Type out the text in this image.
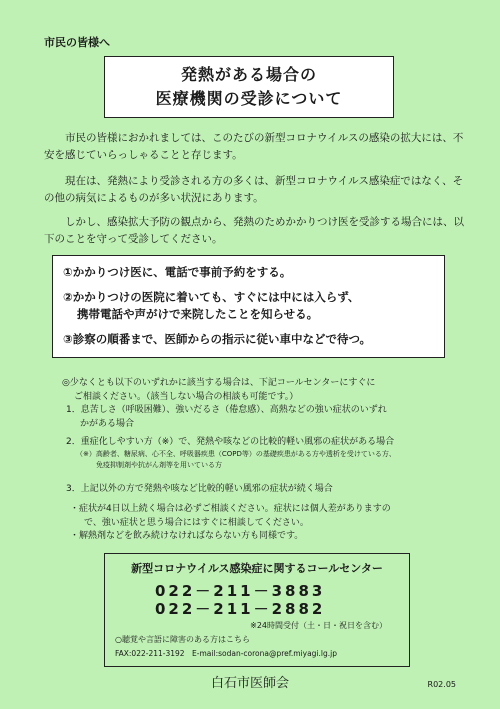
市民の皆様へ
発熱がある場合の
医療機関の受診について
市民の皆様におかれましては、このたびの新型コロナウイルスの感染の拡大には、不安を感じていらっしゃることと存じます。
現在は、発熱により受診される方の多くは、新型コロナウイルス感染症ではなく、その他の病気によるものが多い状況にあります。
しかし、感染拡大予防の観点から、発熱のためかかりつけ医を受診する場合には、以下のことを守って受診してください。
①かかりつけ医に、電話で事前予約をする。
②かかりつけの医院に着いても、すぐには中には入らず、
携帯電話や声がけで来院したことを知らせる。
③診察の順番まで、医師からの指示に従い車中などで待つ。
◎少なくとも以下のいずれかに該当する場合は、下記コールセンターにすぐに
ご相談ください。（該当しない場合の相談も可能です。）
1．息苦しさ（呼吸困難）、強いだるさ（倦怠感）、高熱などの強い症状のいずれ
かがある場合
2．重症化しやすい方（※）で、発熱や咳などの比較的軽い風邪の症状がある場合
（※）高齢者、糖尿病、心不全、呼吸器疾患（COPD等）の基礎疾患がある方や透析を受けている方、
免疫抑制剤や抗がん剤等を用いている方
3．上記以外の方で発熱や咳など比較的軽い風邪の症状が続く場合
・症状が4日以上続く場合は必ずご相談ください。症状には個人差がありますの
で、強い症状と思う場合にはすぐに相談してください。
・解熱剤などを飲み続けなければならない方も同様です。
新型コロナウイルス感染症に関するコールセンター
022－211－3883
022－211－2882
※24時間受付（土・日・祝日を含む）
○聴覚や言語に障害のある方はこちら
FAX:022-211-3192　E-mail:sodan-corona@pref.miyagi.lg.jp
白石市医師会	R02.05
